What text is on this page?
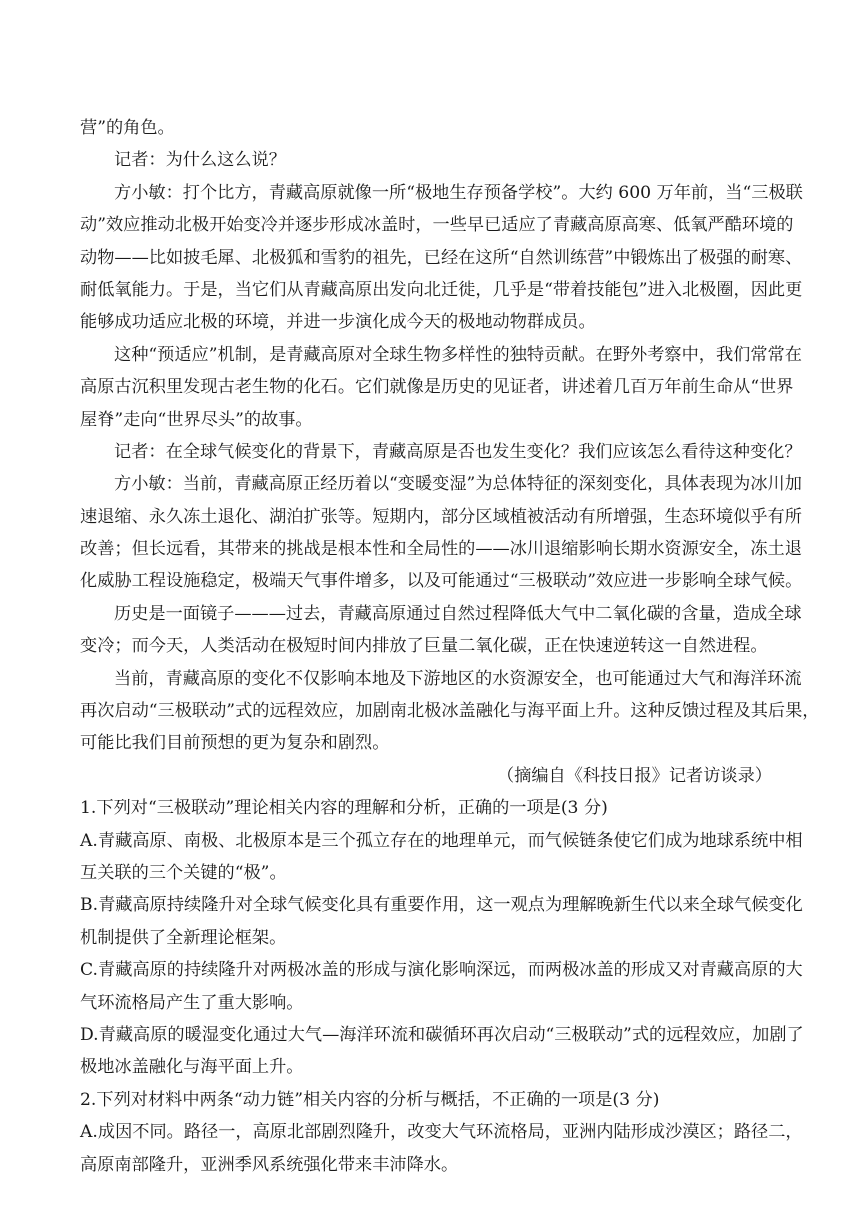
营”的角色。
记者：为什么这么说？
方小敏：打个比方，青藏高原就像一所“极地生存预备学校”。大约 600 万年前，当“三极联
动”效应推动北极开始变冷并逐步形成冰盖时，一些早已适应了青藏高原高寒、低氧严酷环境的
动物——比如披毛犀、北极狐和雪豹的祖先，已经在这所“自然训练营”中锻炼出了极强的耐寒、
耐低氧能力。于是，当它们从青藏高原出发向北迁徙，几乎是“带着技能包”进入北极圈，因此更
能够成功适应北极的环境，并进一步演化成今天的极地动物群成员。
这种“预适应”机制，是青藏高原对全球生物多样性的独特贡献。在野外考察中，我们常常在
高原古沉积里发现古老生物的化石。它们就像是历史的见证者，讲述着几百万年前生命从“世界
屋脊”走向“世界尽头”的故事。
记者：在全球气候变化的背景下，青藏高原是否也发生变化？我们应该怎么看待这种变化？
方小敏：当前，青藏高原正经历着以“变暖变湿”为总体特征的深刻变化，具体表现为冰川加
速退缩、永久冻土退化、湖泊扩张等。短期内，部分区域植被活动有所增强，生态环境似乎有所
改善；但长远看，其带来的挑战是根本性和全局性的——冰川退缩影响长期水资源安全，冻土退
化威胁工程设施稳定，极端天气事件增多，以及可能通过“三极联动”效应进一步影响全球气候。
历史是一面镜子———过去，青藏高原通过自然过程降低大气中二氧化碳的含量，造成全球
变冷；而今天，人类活动在极短时间内排放了巨量二氧化碳，正在快速逆转这一自然进程。
当前，青藏高原的变化不仅影响本地及下游地区的水资源安全，也可能通过大气和海洋环流
再次启动“三极联动”式的远程效应，加剧南北极冰盖融化与海平面上升。这种反馈过程及其后果，
可能比我们目前预想的更为复杂和剧烈。
（摘编自《科技日报》记者访谈录）
1.下列对“三极联动”理论相关内容的理解和分析，正确的一项是(3 分)
A.青藏高原、南极、北极原本是三个孤立存在的地理单元，而气候链条使它们成为地球系统中相
互关联的三个关键的“极”。
B.青藏高原持续隆升对全球气候变化具有重要作用，这一观点为理解晚新生代以来全球气候变化
机制提供了全新理论框架。
C.青藏高原的持续隆升对两极冰盖的形成与演化影响深远，而两极冰盖的形成又对青藏高原的大
气环流格局产生了重大影响。
D.青藏高原的暖湿变化通过大气—海洋环流和碳循环再次启动“三极联动”式的远程效应，加剧了
极地冰盖融化与海平面上升。
2.下列对材料中两条“动力链”相关内容的分析与概括，不正确的一项是(3 分)
A.成因不同。路径一，高原北部剧烈隆升，改变大气环流格局，亚洲内陆形成沙漠区；路径二，
高原南部隆升，亚洲季风系统强化带来丰沛降水。
